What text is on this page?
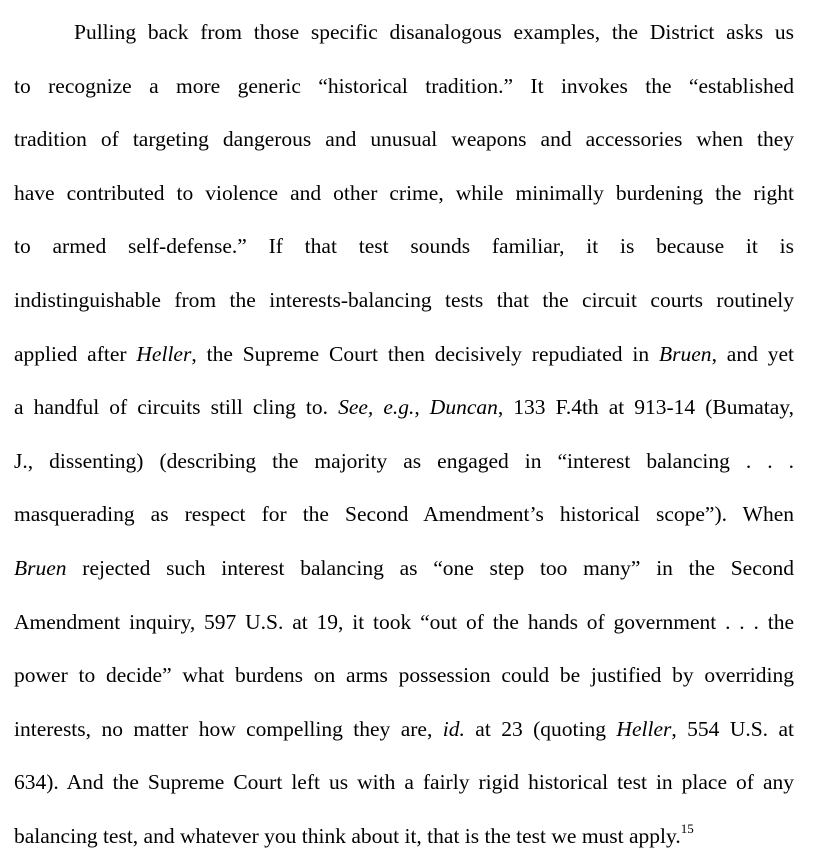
Pulling back from those specific disanalogous examples, the District asks us
to recognize a more generic “historical tradition.” It invokes the “established
tradition of targeting dangerous and unusual weapons and accessories when they
have contributed to violence and other crime, while minimally burdening the right
to armed self-defense.” If that test sounds familiar, it is because it is
indistinguishable from the interests-balancing tests that the circuit courts routinely
applied after Heller, the Supreme Court then decisively repudiated in Bruen, and yet
a handful of circuits still cling to. See, e.g., Duncan, 133 F.4th at 913-14 (Bumatay,
J., dissenting) (describing the majority as engaged in “interest balancing . . .
masquerading as respect for the Second Amendment’s historical scope”). When
Bruen rejected such interest balancing as “one step too many” in the Second
Amendment inquiry, 597 U.S. at 19, it took “out of the hands of government . . . the
power to decide” what burdens on arms possession could be justified by overriding
interests, no matter how compelling they are, id. at 23 (quoting Heller, 554 U.S. at
634). And the Supreme Court left us with a fairly rigid historical test in place of any
balancing test, and whatever you think about it, that is the test we must apply.$^{15}$
